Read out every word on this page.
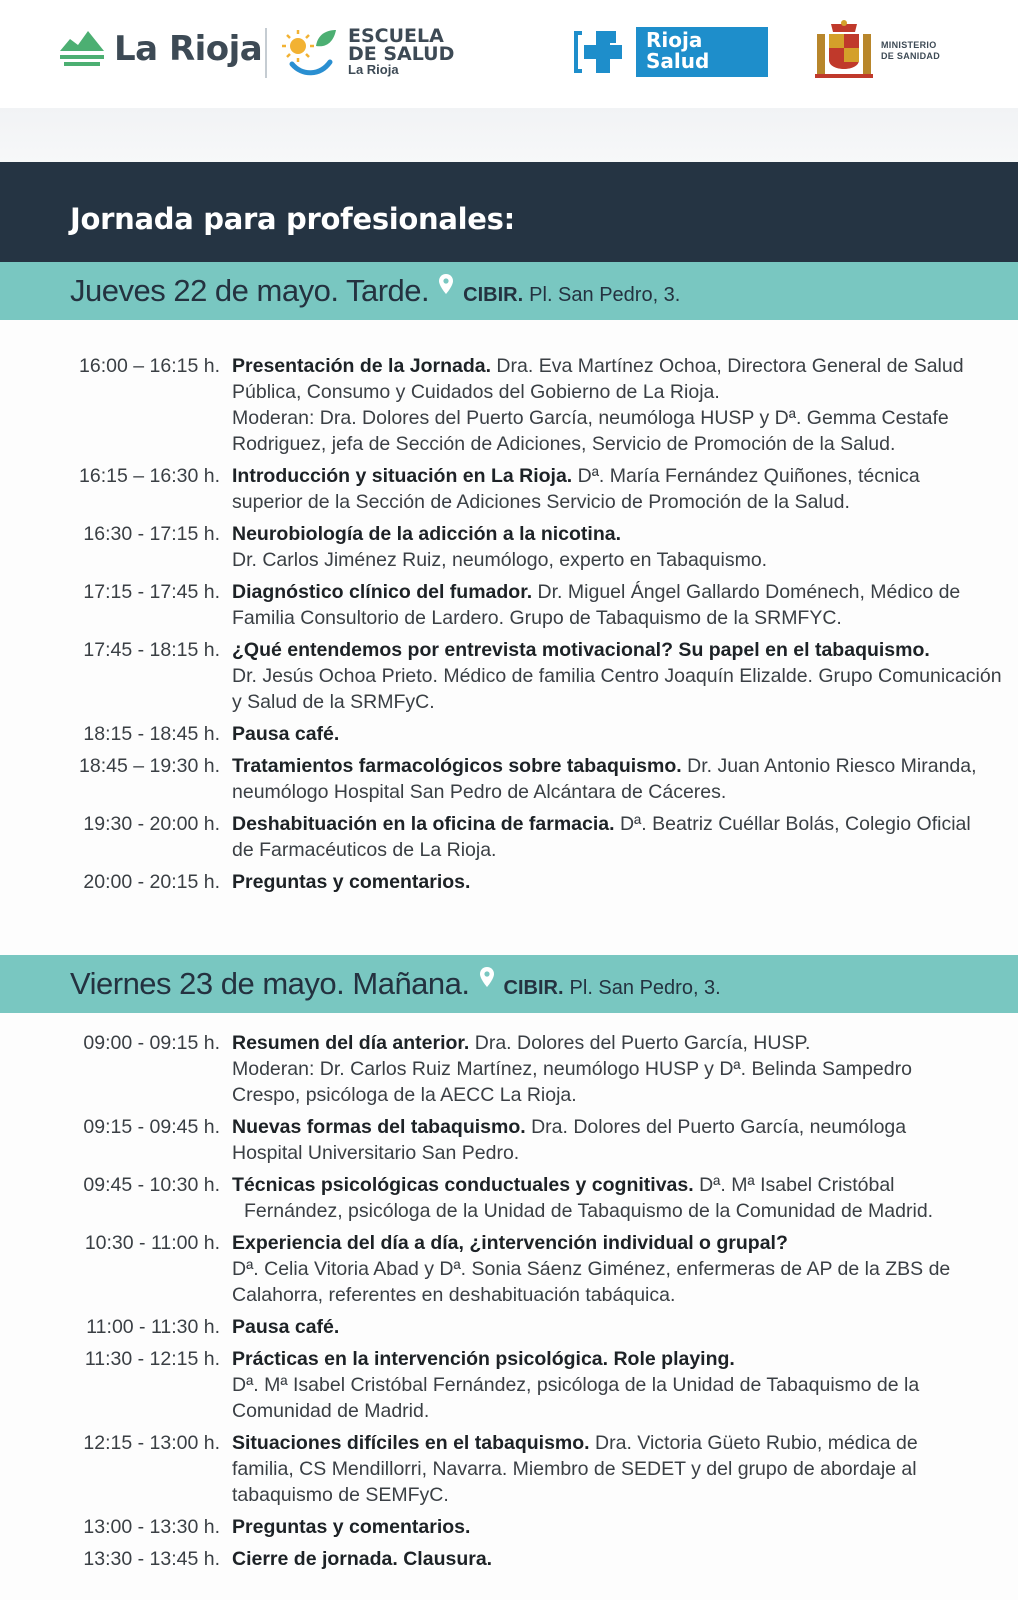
La Rioja	ESCUELA
DE SALUD
La Rioja
Rioja
Salud
MINISTERIO
DE SANIDAD
Jornada para profesionales:
Jueves 22 de mayo. Tarde. CIBIR. Pl. San Pedro, 3.
16:00 – 16:15 h. Presentación de la Jornada. Dra. Eva Martínez Ochoa, Directora General de Salud Pública, Consumo y Cuidados del Gobierno de La Rioja.
Moderan: Dra. Dolores del Puerto García, neumóloga HUSP y Dª. Gemma Cestafe Rodriguez, jefa de Sección de Adiciones, Servicio de Promoción de la Salud.
16:15 – 16:30 h. Introducción y situación en La Rioja. Dª. María Fernández Quiñones, técnica superior de la Sección de Adiciones Servicio de Promoción de la Salud.
16:30 - 17:15 h. Neurobiología de la adicción a la nicotina.
Dr. Carlos Jiménez Ruiz, neumólogo, experto en Tabaquismo.
17:15 - 17:45 h. Diagnóstico clínico del fumador. Dr. Miguel Ángel Gallardo Doménech, Médico de Familia Consultorio de Lardero. Grupo de Tabaquismo de la SRMFYC.
17:45 - 18:15 h. ¿Qué entendemos por entrevista motivacional? Su papel en el tabaquismo.
Dr. Jesús Ochoa Prieto. Médico de familia Centro Joaquín Elizalde. Grupo Comunicación y Salud de la SRMFyC.
18:15 - 18:45 h. Pausa café.
18:45 – 19:30 h. Tratamientos farmacológicos sobre tabaquismo. Dr. Juan Antonio Riesco Miranda, neumólogo Hospital San Pedro de Alcántara de Cáceres.
19:30 - 20:00 h. Deshabituación en la oficina de farmacia. Dª. Beatriz Cuéllar Bolás, Colegio Oficial de Farmacéuticos de La Rioja.
20:00 - 20:15 h. Preguntas y comentarios.
Viernes 23 de mayo. Mañana. CIBIR. Pl. San Pedro, 3.
09:00 - 09:15 h. Resumen del día anterior. Dra. Dolores del Puerto García, HUSP.
Moderan: Dr. Carlos Ruiz Martínez, neumólogo HUSP y Dª. Belinda Sampedro Crespo, psicóloga de la AECC La Rioja.
09:15 - 09:45 h. Nuevas formas del tabaquismo. Dra. Dolores del Puerto García, neumóloga Hospital Universitario San Pedro.
09:45 - 10:30 h. Técnicas psicológicas conductuales y cognitivas. Dª. Mª Isabel Cristóbal
Fernández, psicóloga de la Unidad de Tabaquismo de la Comunidad de Madrid.
10:30 - 11:00 h. Experiencia del día a día, ¿intervención individual o grupal?
Dª. Celia Vitoria Abad y Dª. Sonia Sáenz Giménez, enfermeras de AP de la ZBS de Calahorra, referentes en deshabituación tabáquica.
11:00 - 11:30 h. Pausa café.
11:30 - 12:15 h. Prácticas en la intervención psicológica. Role playing.
Dª. Mª Isabel Cristóbal Fernández, psicóloga de la Unidad de Tabaquismo de la Comunidad de Madrid.
12:15 - 13:00 h. Situaciones difíciles en el tabaquismo. Dra. Victoria Güeto Rubio, médica de familia, CS Mendillorri, Navarra. Miembro de SEDET y del grupo de abordaje al tabaquismo de SEMFyC.
13:00 - 13:30 h. Preguntas y comentarios.
13:30 - 13:45 h. Cierre de jornada. Clausura.
